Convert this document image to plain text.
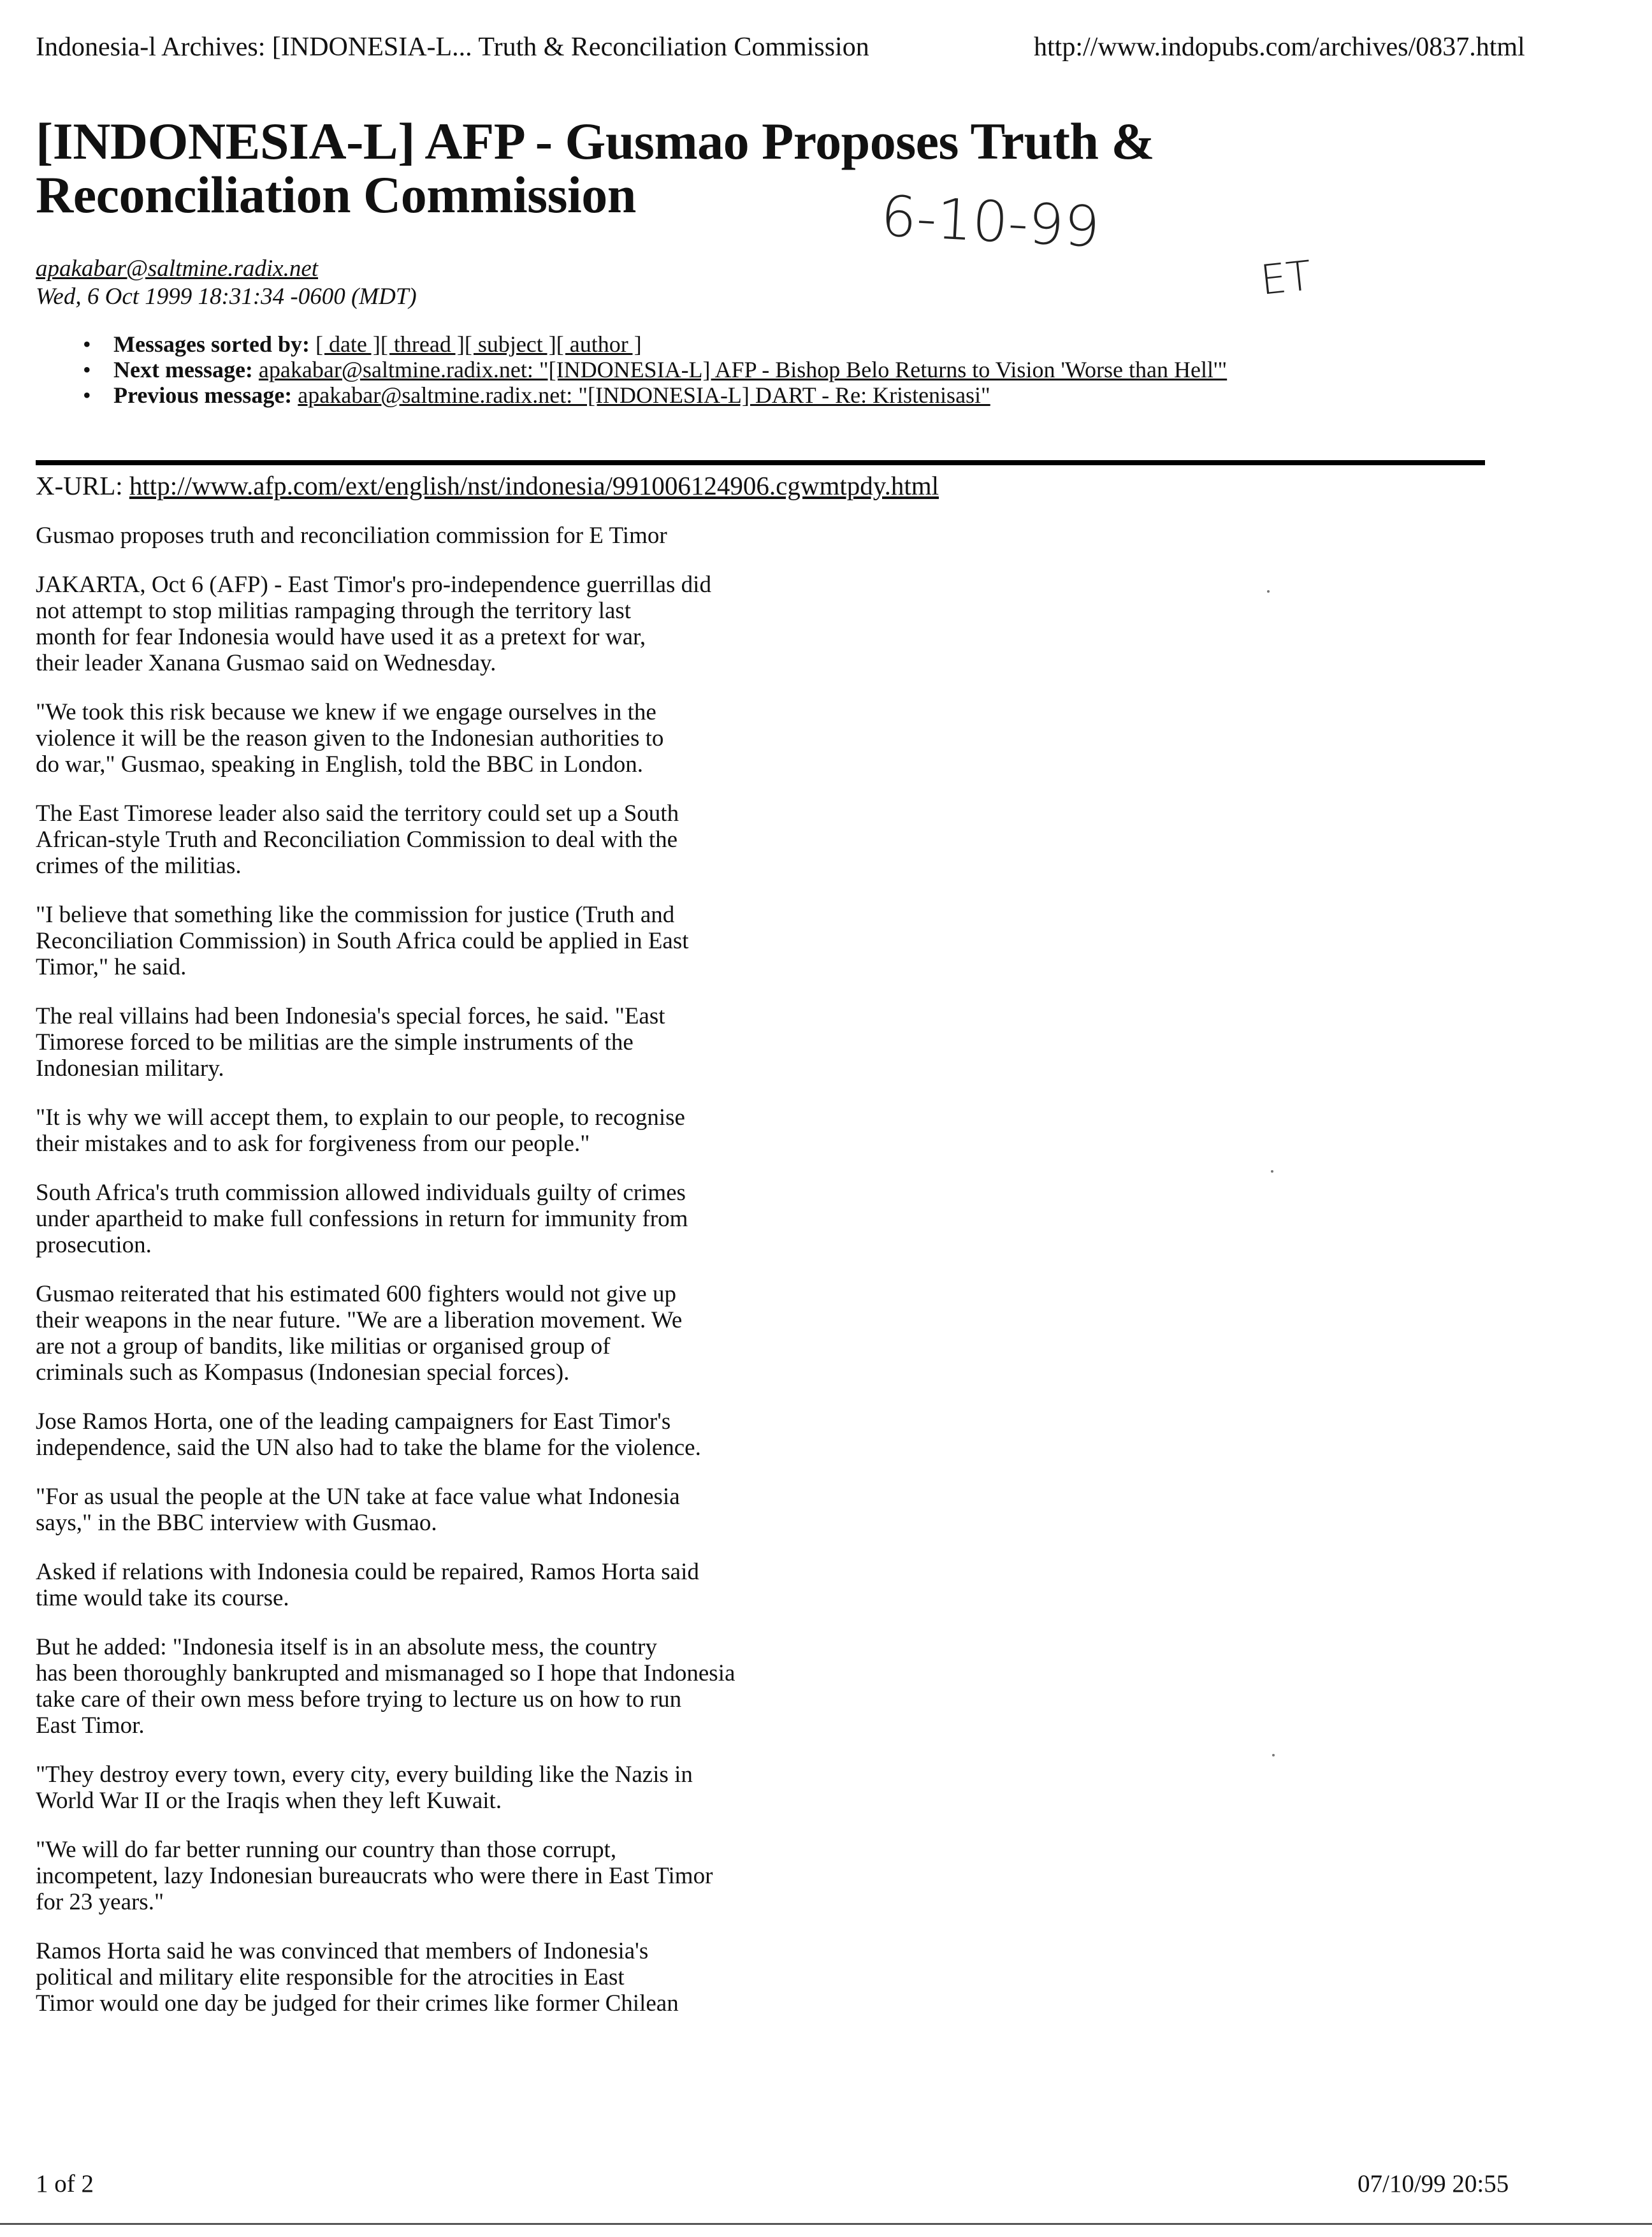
Indonesia-l Archives: [INDONESIA-L... Truth & Reconciliation Commission	http://www.indopubs.com/archives/0837.html
[INDONESIA-L] AFP - Gusmao Proposes Truth & Reconciliation Commission	6-10-99
ET
apakabar@saltmine.radix.net
Wed, 6 Oct 1999 18:31:34 -0600 (MDT)
• Messages sorted by: [ date ][ thread ][ subject ][ author ]
• Next message: apakabar@saltmine.radix.net: "[INDONESIA-L] AFP - Bishop Belo Returns to Vision 'Worse than Hell'"
• Previous message: apakabar@saltmine.radix.net: "[INDONESIA-L] DART - Re: Kristenisasi"
X-URL: http://www.afp.com/ext/english/nst/indonesia/991006124906.cgwmtpdy.html

Gusmao proposes truth and reconciliation commission for E Timor

JAKARTA, Oct 6 (AFP) - East Timor's pro-independence guerrillas did
not attempt to stop militias rampaging through the territory last
month for fear Indonesia would have used it as a pretext for war,
their leader Xanana Gusmao said on Wednesday.

"We took this risk because we knew if we engage ourselves in the
violence it will be the reason given to the Indonesian authorities to
do war," Gusmao, speaking in English, told the BBC in London.

The East Timorese leader also said the territory could set up a South
African-style Truth and Reconciliation Commission to deal with the
crimes of the militias.

"I believe that something like the commission for justice (Truth and
Reconciliation Commission) in South Africa could be applied in East
Timor," he said.

The real villains had been Indonesia's special forces, he said. "East
Timorese forced to be militias are the simple instruments of the
Indonesian military.

"It is why we will accept them, to explain to our people, to recognise
their mistakes and to ask for forgiveness from our people."

South Africa's truth commission allowed individuals guilty of crimes
under apartheid to make full confessions in return for immunity from
prosecution.

Gusmao reiterated that his estimated 600 fighters would not give up
their weapons in the near future. "We are a liberation movement. We
are not a group of bandits, like militias or organised group of
criminals such as Kompasus (Indonesian special forces).

Jose Ramos Horta, one of the leading campaigners for East Timor's
independence, said the UN also had to take the blame for the violence.

"For as usual the people at the UN take at face value what Indonesia
says," in the BBC interview with Gusmao.

Asked if relations with Indonesia could be repaired, Ramos Horta said
time would take its course.

But he added: "Indonesia itself is in an absolute mess, the country
has been thoroughly bankrupted and mismanaged so I hope that Indonesia
take care of their own mess before trying to lecture us on how to run
East Timor.

"They destroy every town, every city, every building like the Nazis in
World War II or the Iraqis when they left Kuwait.

"We will do far better running our country than those corrupt,
incompetent, lazy Indonesian bureaucrats who were there in East Timor
for 23 years."

Ramos Horta said he was convinced that members of Indonesia's
political and military elite responsible for the atrocities in East
Timor would one day be judged for their crimes like former Chilean

1 of 2	07/10/99 20:55
